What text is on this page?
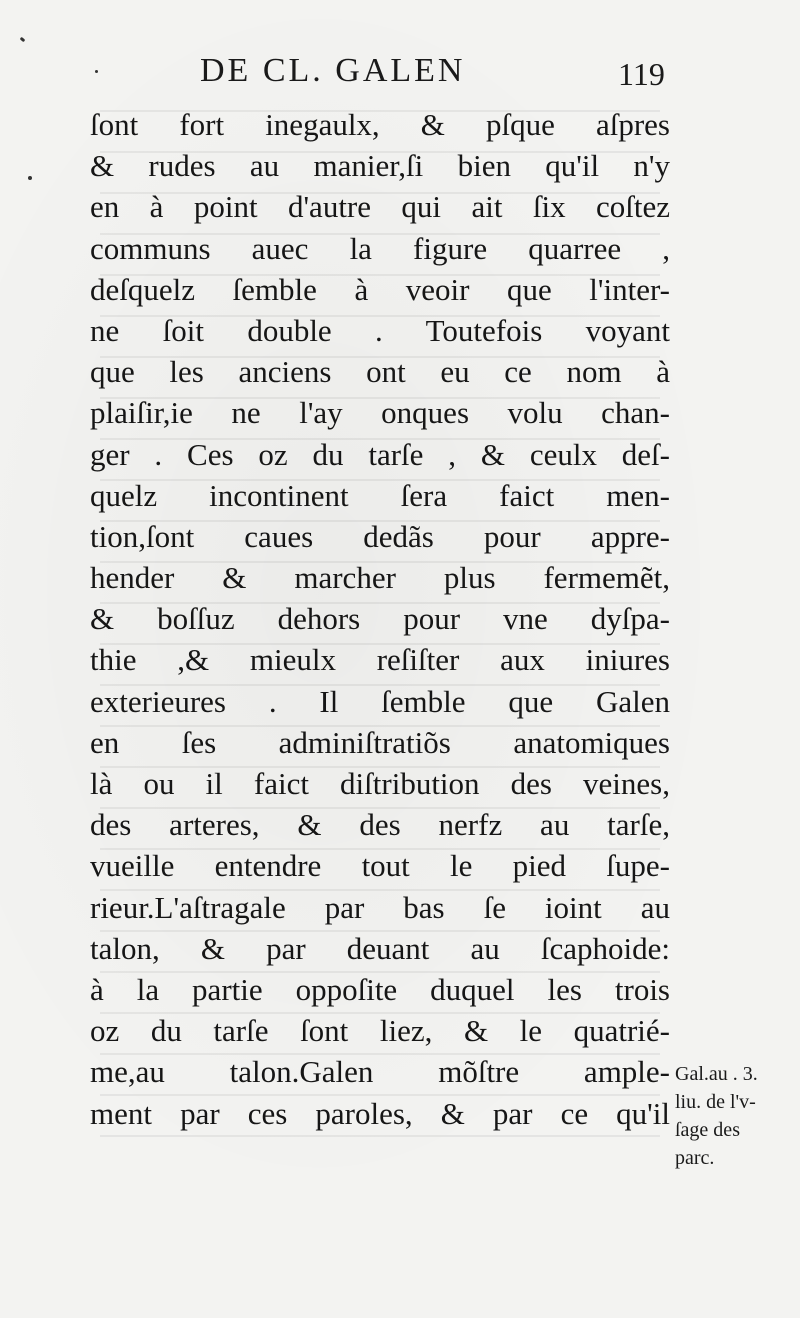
DE CL. GALEN	119
ſont fort inegaulx, & pſque aſpres
& rudes au manier,ſi bien qu'il n'y
en à point d'autre qui ait ſix coſtez
communs auec la figure quarree ,
deſquelz ſemble à veoir que l'inter-
ne ſoit double . Toutefois voyant
que les anciens ont eu ce nom à
plaiſir,ie ne l'ay onques volu chan-
ger . Ces oz du tarſe , & ceulx deſ-
quelz incontinent ſera faict men-
tion,ſont caues dedãs pour appre-
hender & marcher plus fermemẽt,
& boſſuz dehors pour vne dyſpa-
thie ,& mieulx reſiſter aux iniures
exterieures . Il ſemble que Galen
en ſes adminiſtratiõs anatomiques
là ou il faict diſtribution des veines,
des arteres, & des nerfz au tarſe,
vueille entendre tout le pied ſupe-
rieur.L'aſtragale par bas ſe ioint au
talon, & par deuant au ſcaphoide:
à la partie oppoſite duquel les trois
oz du tarſe ſont liez, & le quatrié-
me,au talon.Galen mõſtre ample-
ment par ces paroles, & par ce qu'il
Gal.au . 3.
liu. de l'v-
ſage des
parc.
